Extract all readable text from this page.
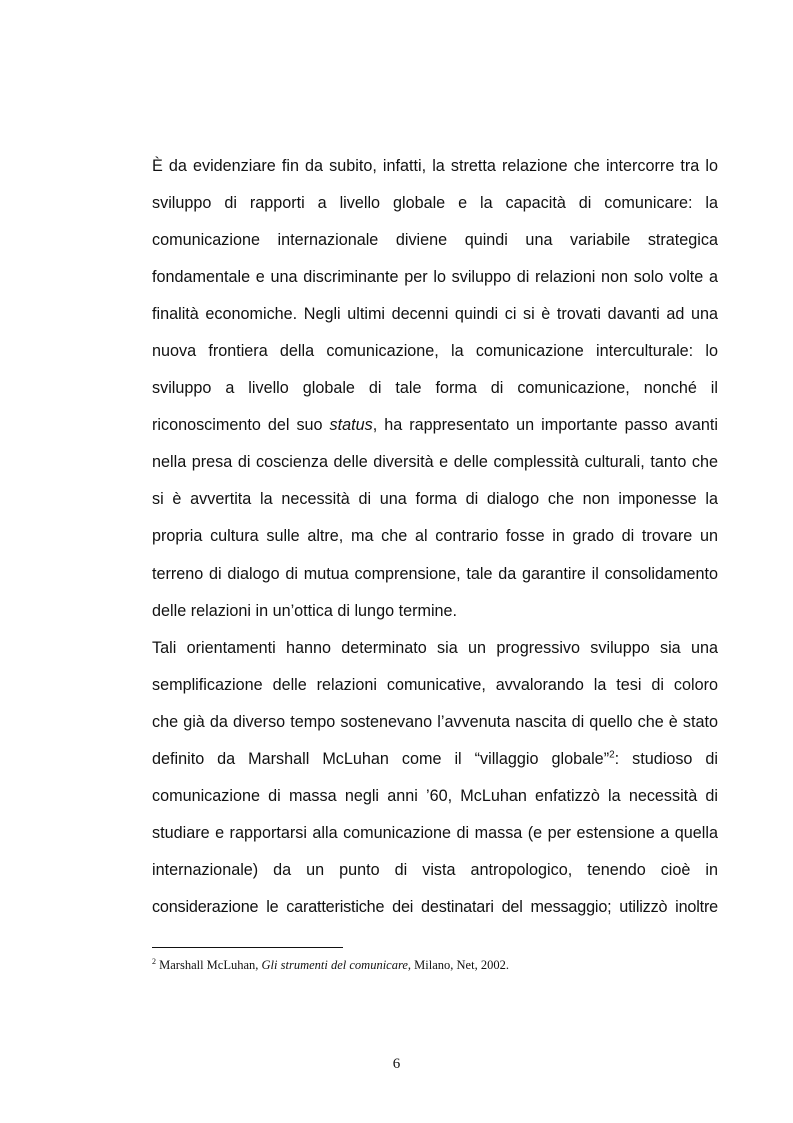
È da evidenziare fin da subito, infatti, la stretta relazione che intercorre tra lo
sviluppo di rapporti a livello globale e la capacità di comunicare: la
comunicazione internazionale diviene quindi una variabile strategica
fondamentale e una discriminante per lo sviluppo di relazioni non solo volte a
finalità economiche. Negli ultimi decenni quindi ci si è trovati davanti ad una
nuova frontiera della comunicazione, la comunicazione interculturale: lo
sviluppo a livello globale di tale forma di comunicazione, nonché il
riconoscimento del suo status, ha rappresentato un importante passo avanti
nella presa di coscienza delle diversità e delle complessità culturali, tanto che
si è avvertita la necessità di una forma di dialogo che non imponesse la
propria cultura sulle altre, ma che al contrario fosse in grado di trovare un
terreno di dialogo di mutua comprensione, tale da garantire il consolidamento
delle relazioni in un’ottica di lungo termine.

Tali orientamenti hanno determinato sia un progressivo sviluppo sia una
semplificazione delle relazioni comunicative, avvalorando la tesi di coloro
che già da diverso tempo sostenevano l’avvenuta nascita di quello che è stato
definito da Marshall McLuhan come il “villaggio globale”$^2$: studioso di
comunicazione di massa negli anni ’60, McLuhan enfatizzò la necessità di
studiare e rapportarsi alla comunicazione di massa (e per estensione a quella
internazionale) da un punto di vista antropologico, tenendo cioè in
considerazione le caratteristiche dei destinatari del messaggio; utilizzò inoltre

$^2$ Marshall McLuhan, Gli strumenti del comunicare, Milano, Net, 2002.

6
